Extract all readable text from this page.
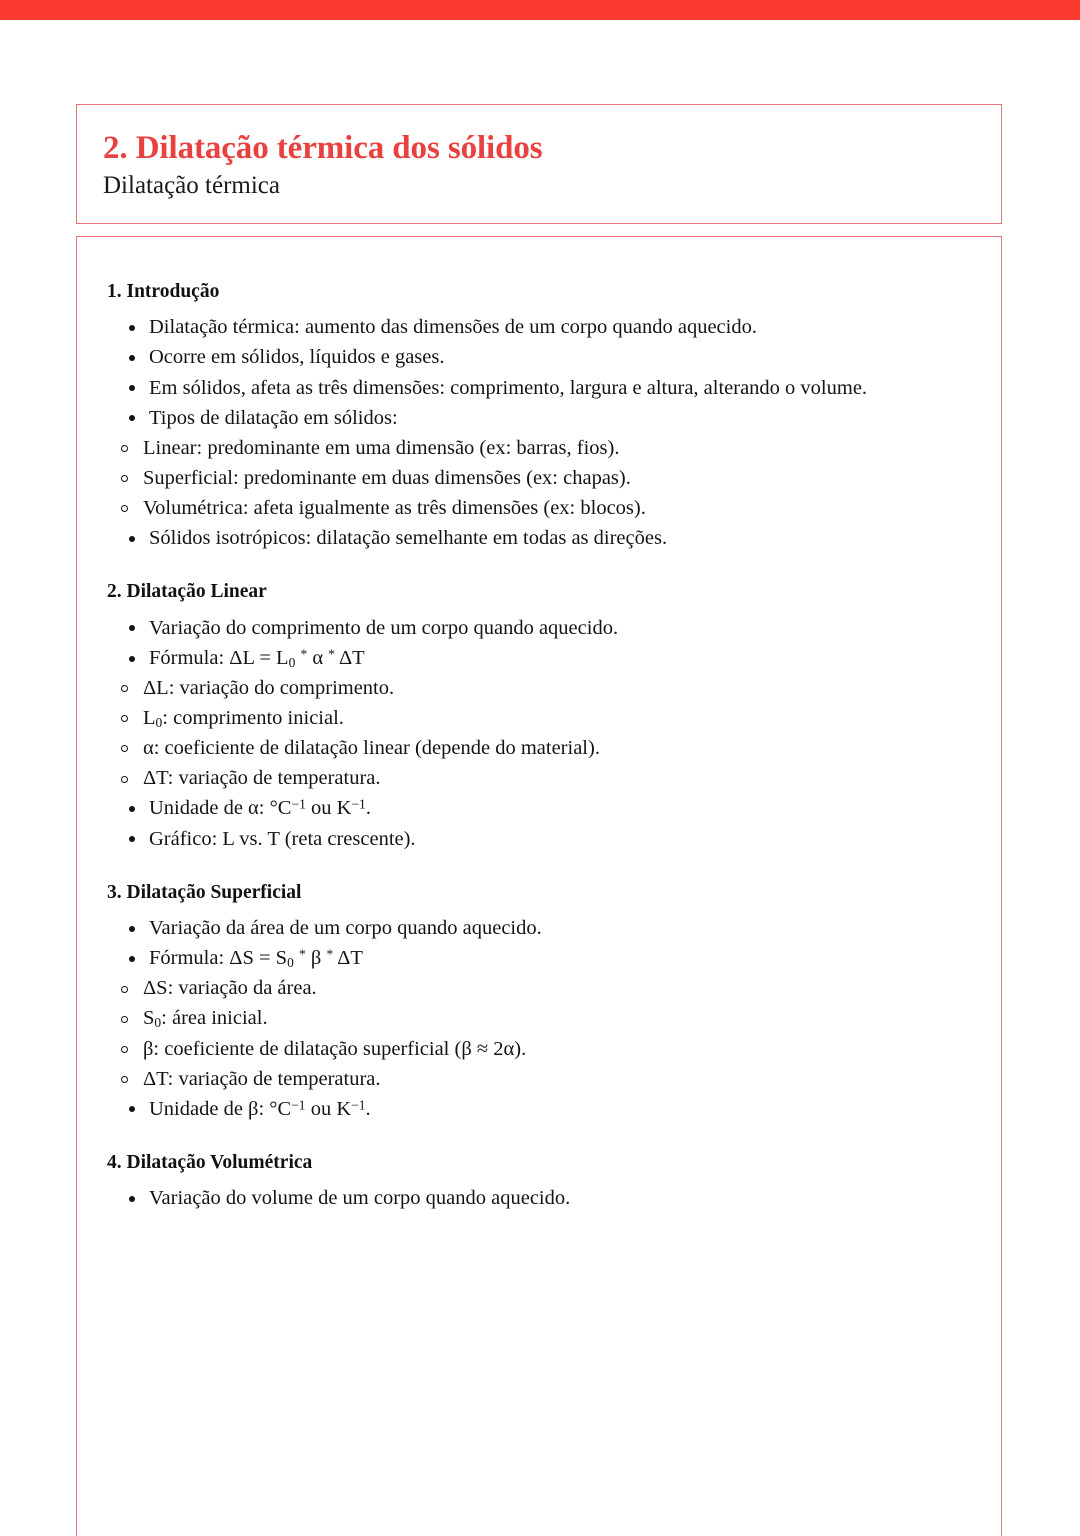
2. Dilatação térmica dos sólidos
Dilatação térmica
1. Introdução
Dilatação térmica: aumento das dimensões de um corpo quando aquecido.
Ocorre em sólidos, líquidos e gases.
Em sólidos, afeta as três dimensões: comprimento, largura e altura, alterando o volume.
Tipos de dilatação em sólidos:
Linear: predominante em uma dimensão (ex: barras, fios).
Superficial: predominante em duas dimensões (ex: chapas).
Volumétrica: afeta igualmente as três dimensões (ex: blocos).
Sólidos isotrópicos: dilatação semelhante em todas as direções.
2. Dilatação Linear
Variação do comprimento de um corpo quando aquecido.
Fórmula: $\Delta L = L_0$ * α * ΔT
ΔL: variação do comprimento.
$L_0$: comprimento inicial.
α: coeficiente de dilatação linear (depende do material).
ΔT: variação de temperatura.
Unidade de α: $^\circ C^{-1}$ ou $K^{-1}$.
Gráfico: L vs. T (reta crescente).
3. Dilatação Superficial
Variação da área de um corpo quando aquecido.
Fórmula: $\Delta S = S_0$ * β * ΔT
ΔS: variação da área.
$S_0$: área inicial.
β: coeficiente de dilatação superficial (β ≈ 2α).
ΔT: variação de temperatura.
Unidade de β: $^\circ C^{-1}$ ou $K^{-1}$.
4. Dilatação Volumétrica
Variação do volume de um corpo quando aquecido.
